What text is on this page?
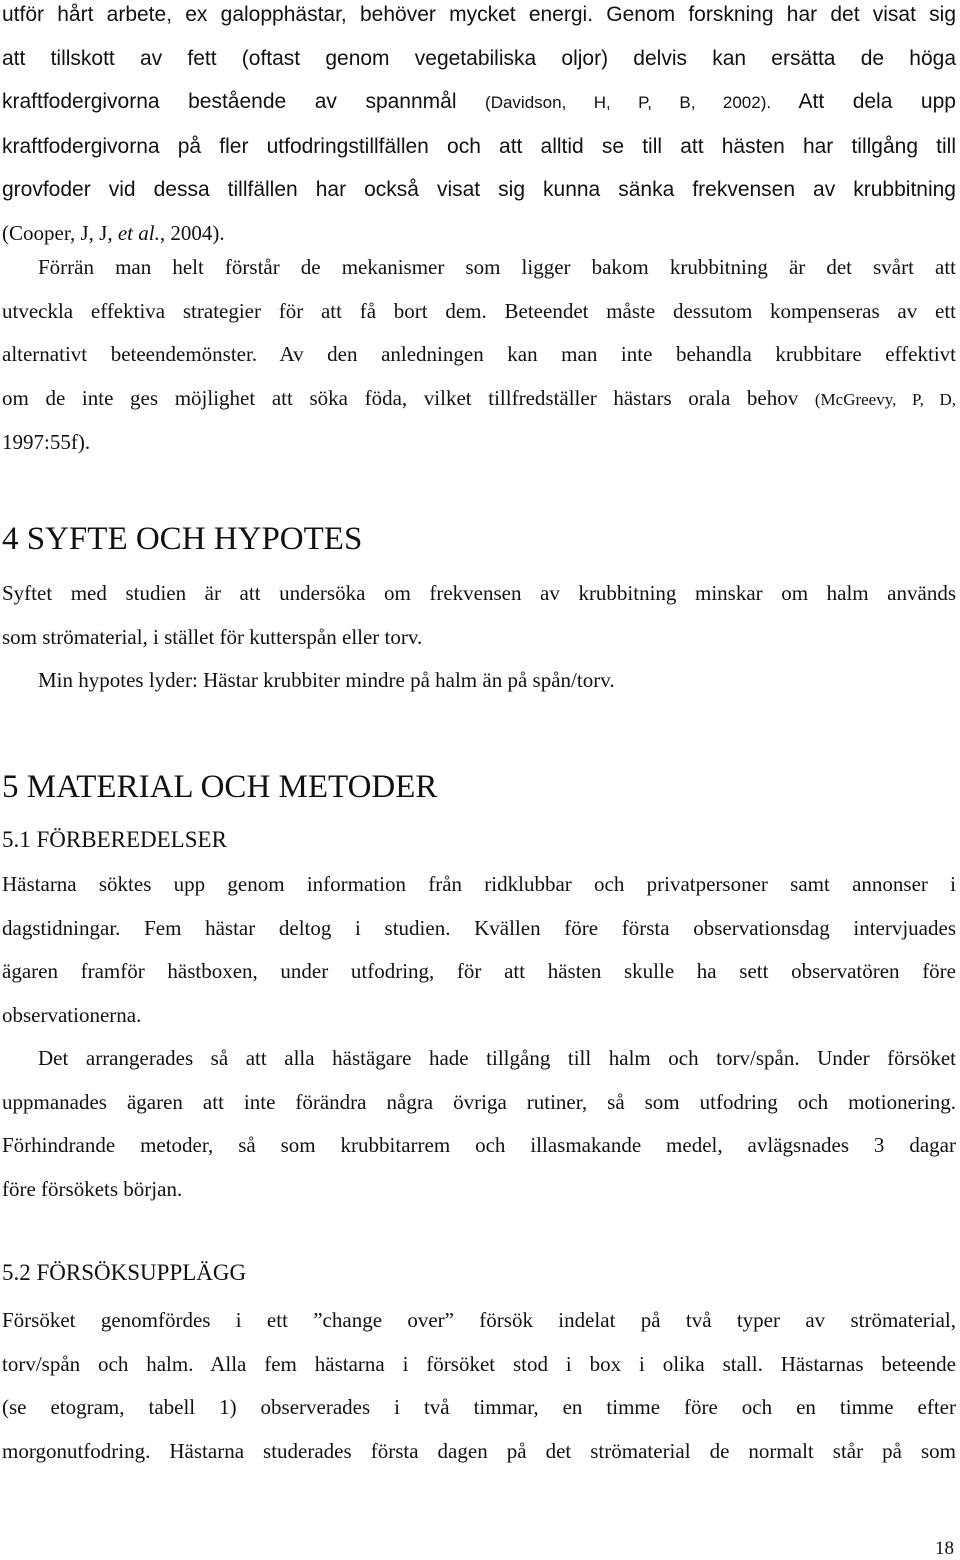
utför hårt arbete, ex galopphästar, behöver mycket energi. Genom forskning har det visat sig

att tillskott av fett (oftast genom vegetabiliska oljor) delvis kan ersätta de höga

kraftfodergivorna bestående av spannmål (Davidson, H, P, B, 2002). Att dela upp

kraftfodergivorna på fler utfodringstillfällen och att alltid se till att hästen har tillgång till

grovfoder vid dessa tillfällen har också visat sig kunna sänka frekvensen av krubbitning

(Cooper, J, J, et al., 2004).

Förrän man helt förstår de mekanismer som ligger bakom krubbitning är det svårt att

utveckla effektiva strategier för att få bort dem. Beteendet måste dessutom kompenseras av ett

alternativt beteendemönster. Av den anledningen kan man inte behandla krubbitare effektivt

om de inte ges möjlighet att söka föda, vilket tillfredställer hästars orala behov (McGreevy, P, D,

1997:55f).

4 SYFTE OCH HYPOTES

Syftet med studien är att undersöka om frekvensen av krubbitning minskar om halm används

som strömaterial, i stället för kutterspån eller torv.

Min hypotes lyder: Hästar krubbiter mindre på halm än på spån/torv.

5 MATERIAL OCH METODER
5.1 FÖRBEREDELSER

Hästarna söktes upp genom information från ridklubbar och privatpersoner samt annonser i

dagstidningar. Fem hästar deltog i studien. Kvällen före första observationsdag intervjuades

ägaren framför hästboxen, under utfodring, för att hästen skulle ha sett observatören före

observationerna.

Det arrangerades så att alla hästägare hade tillgång till halm och torv/spån. Under försöket

uppmanades ägaren att inte förändra några övriga rutiner, så som utfodring och motionering.

Förhindrande metoder, så som krubbitarrem och illasmakande medel, avlägsnades 3 dagar

före försökets början.

5.2 FÖRSÖKSUPPLÄGG

Försöket genomfördes i ett ”change over” försök indelat på två typer av strömaterial,

torv/spån och halm. Alla fem hästarna i försöket stod i box i olika stall. Hästarnas beteende

(se etogram, tabell 1) observerades i två timmar, en timme före och en timme efter

morgonutfodring. Hästarna studerades första dagen på det strömaterial de normalt står på som

18
